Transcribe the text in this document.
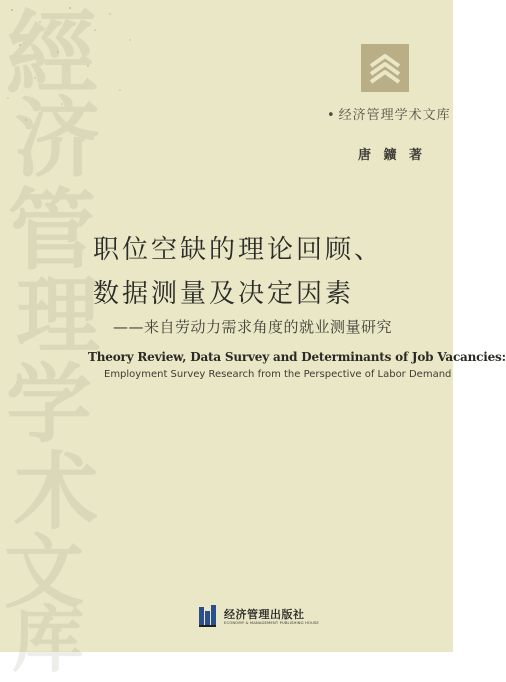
經
济
管
理
学
术
文
库
• 经济管理学术文库
唐 鑛 著
职位空缺的理论回顾、
数据测量及决定因素
——来自劳动力需求角度的就业测量研究
Theory Review, Data Survey and Determinants of Job Vacancies:
Employment Survey Research from the Perspective of Labor Demand
经济管理出版社
ECONOMY & MANAGEMENT PUBLISHING HOUSE
